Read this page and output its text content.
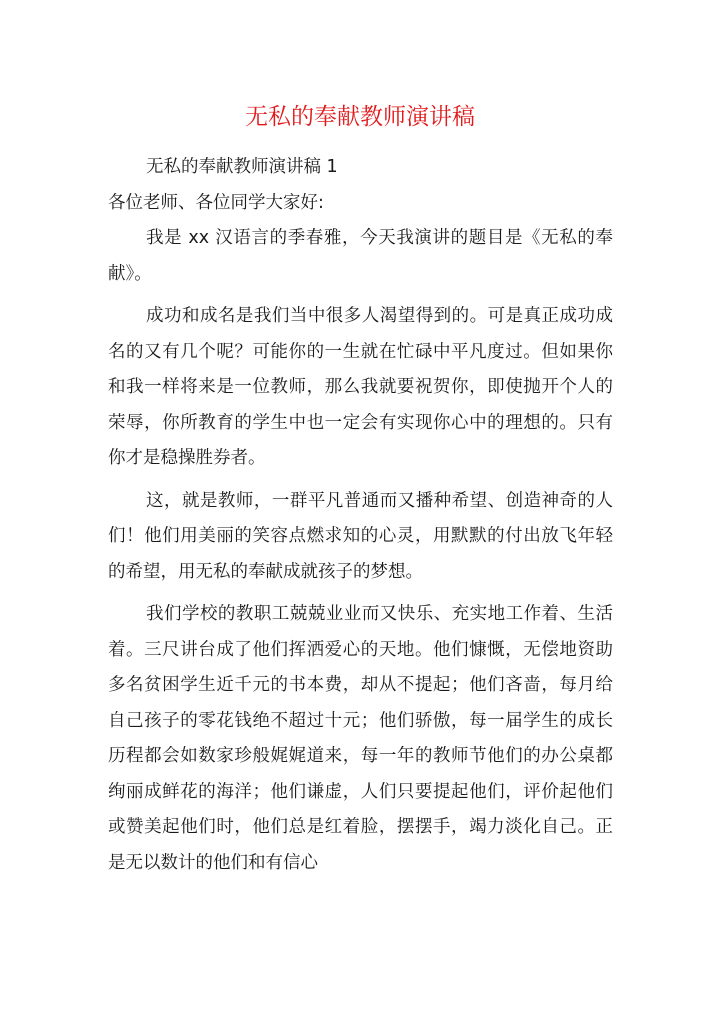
无私的奉献教师演讲稿

无私的奉献教师演讲稿 1

各位老师、各位同学大家好:

我是 xx 汉语言的季春雅，今天我演讲的题目是《无私的奉献》。

成功和成名是我们当中很多人渴望得到的。可是真正成功成名的又有几个呢？可能你的一生就在忙碌中平凡度过。但如果你和我一样将来是一位教师，那么我就要祝贺你，即使抛开个人的荣辱，你所教育的学生中也一定会有实现你心中的理想的。只有你才是稳操胜券者。

这，就是教师，一群平凡普通而又播种希望、创造神奇的人们！他们用美丽的笑容点燃求知的心灵，用默默的付出放飞年轻的希望，用无私的奉献成就孩子的梦想。

我们学校的教职工兢兢业业而又快乐、充实地工作着、生活着。三尺讲台成了他们挥洒爱心的天地。他们慷慨，无偿地资助多名贫困学生近千元的书本费，却从不提起；他们吝啬，每月给自己孩子的零花钱绝不超过十元；他们骄傲，每一届学生的成长历程都会如数家珍般娓娓道来，每一年的教师节他们的办公桌都绚丽成鲜花的海洋；他们谦虚，人们只要提起他们，评价起他们或赞美起他们时，他们总是红着脸，摆摆手，竭力淡化自己。正是无以数计的他们和有信心
